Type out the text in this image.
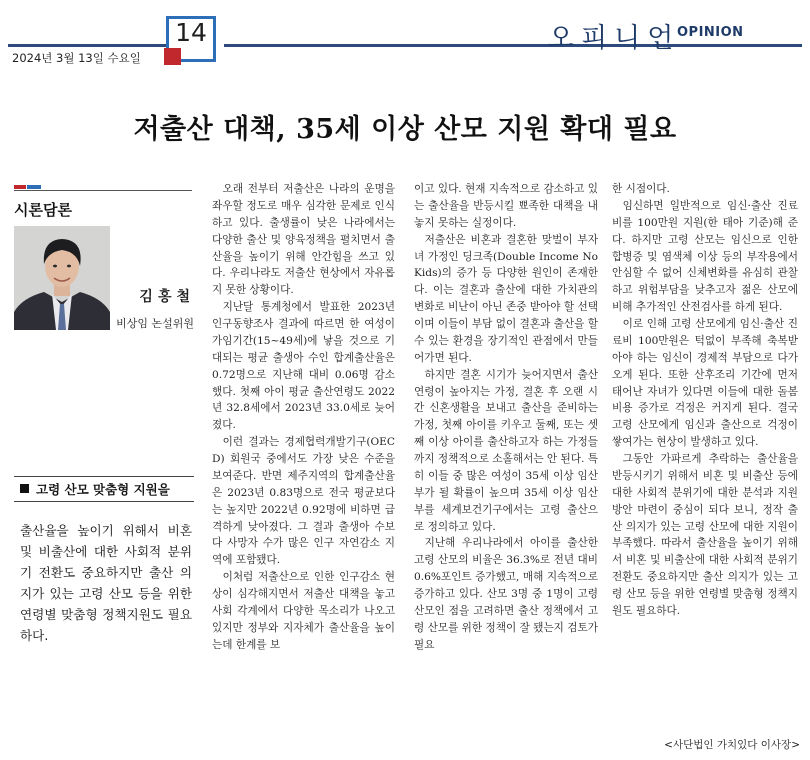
14
2024년 3월 13일 수요일
오피니언
OPINION
저출산 대책, 35세 이상 산모 지원 확대 필요
시론담론
김홍철
비상임 논설위원
고령 산모 맞춤형 지원을
출산율을 높이기 위해서 비혼 및 비출산에 대한 사회적 분위기 전환도 중요하지만 출산 의지가 있는 고령 산모 등을 위한 연령별 맞춤형 정책지원도 필요하다.

오래 전부터 저출산은 나라의 운명을 좌우할 정도로 매우 심각한 문제로 인식하고 있다. 출생률이 낮은 나라에서는 다양한 출산 및 양육정책을 펼치면서 출산율을 높이기 위해 안간힘을 쓰고 있다. 우리나라도 저출산 현상에서 자유롭지 못한 상황이다.

지난달 통계청에서 발표한 2023년 인구동향조사 결과에 따르면 한 여성이 가임기간(15~49세)에 낳을 것으로 기대되는 평균 출생아 수인 합계출산율은 0.72명으로 지난해 대비 0.06명 감소했다. 첫째 아이 평균 출산연령도 2022년 32.8세에서 2023년 33.0세로 늦어졌다.

이런 결과는 경제협력개발기구(OECD) 회원국 중에서도 가장 낮은 수준을 보여준다. 반면 제주지역의 합계출산율은 2023년 0.83명으로 전국 평균보다는 높지만 2022년 0.92명에 비하면 급격하게 낮아졌다. 그 결과 출생아 수보다 사망자 수가 많은 인구 자연감소 지역에 포함됐다.

이처럼 저출산으로 인한 인구감소 현상이 심각해지면서 저출산 대책을 놓고 사회 각계에서 다양한 목소리가 나오고 있지만 정부와 지자체가 출산율을 높이는데 한계를 보

이고 있다. 현재 지속적으로 감소하고 있는 출산율을 반등시킬 뾰족한 대책을 내놓지 못하는 실정이다.

저출산은 비혼과 결혼한 맞벌이 부자녀 가정인 딩크족(Double Income No Kids)의 증가 등 다양한 원인이 존재한다. 이는 결혼과 출산에 대한 가치관의 변화로 비난이 아닌 존중 받아야 할 선택이며 이들이 부담 없이 결혼과 출산을 할 수 있는 환경을 장기적인 관점에서 만들어가면 된다.

하지만 결혼 시기가 늦어지면서 출산연령이 높아지는 가정, 결혼 후 오랜 시간 신혼생활을 보내고 출산을 준비하는 가정, 첫째 아이를 키우고 둘째, 또는 셋째 이상 아이를 출산하고자 하는 가정들까지 정책적으로 소홀해서는 안 된다. 특히 이들 중 많은 여성이 35세 이상 임산부가 될 확률이 높으며 35세 이상 임산부를 세계보건기구에서는 고령 출산으로 정의하고 있다.

지난해 우리나라에서 아이를 출산한 고령 산모의 비율은 36.3%로 전년 대비 0.6%포인트 증가했고, 매해 지속적으로 증가하고 있다. 산모 3명 중 1명이 고령 산모인 점을 고려하면 출산 정책에서 고령 산모를 위한 정책이 잘 됐는지 검토가 필요

한 시점이다.

임신하면 일반적으로 임신·출산 진료비를 100만원 지원(한 태아 기준)해 준다. 하지만 고령 산모는 임신으로 인한 합병증 및 염색체 이상 등의 부작용에서 안심할 수 없어 신체변화를 유심히 관찰하고 위험부담을 낮추고자 젊은 산모에 비해 추가적인 산전검사를 하게 된다.

이로 인해 고령 산모에게 임신·출산 진료비 100만원은 턱없이 부족해 축복받아야 하는 임신이 경제적 부담으로 다가오게 된다. 또한 산후조리 기간에 먼저 태어난 자녀가 있다면 이들에 대한 돌봄비용 증가로 걱정은 커지게 된다. 결국 고령 산모에게 임신과 출산으로 걱정이 쌓여가는 현상이 발생하고 있다.

그동안 가파르게 추락하는 출산율을 반등시키기 위해서 비혼 및 비출산 등에 대한 사회적 분위기에 대한 분석과 지원방안 마련이 중심이 되다 보니, 정작 출산 의지가 있는 고령 산모에 대한 지원이 부족했다. 따라서 출산율을 높이기 위해서 비혼 및 비출산에 대한 사회적 분위기 전환도 중요하지만 출산 의지가 있는 고령 산모 등을 위한 연령별 맞춤형 정책지원도 필요하다.

<사단법인 가치있다 이사장>
